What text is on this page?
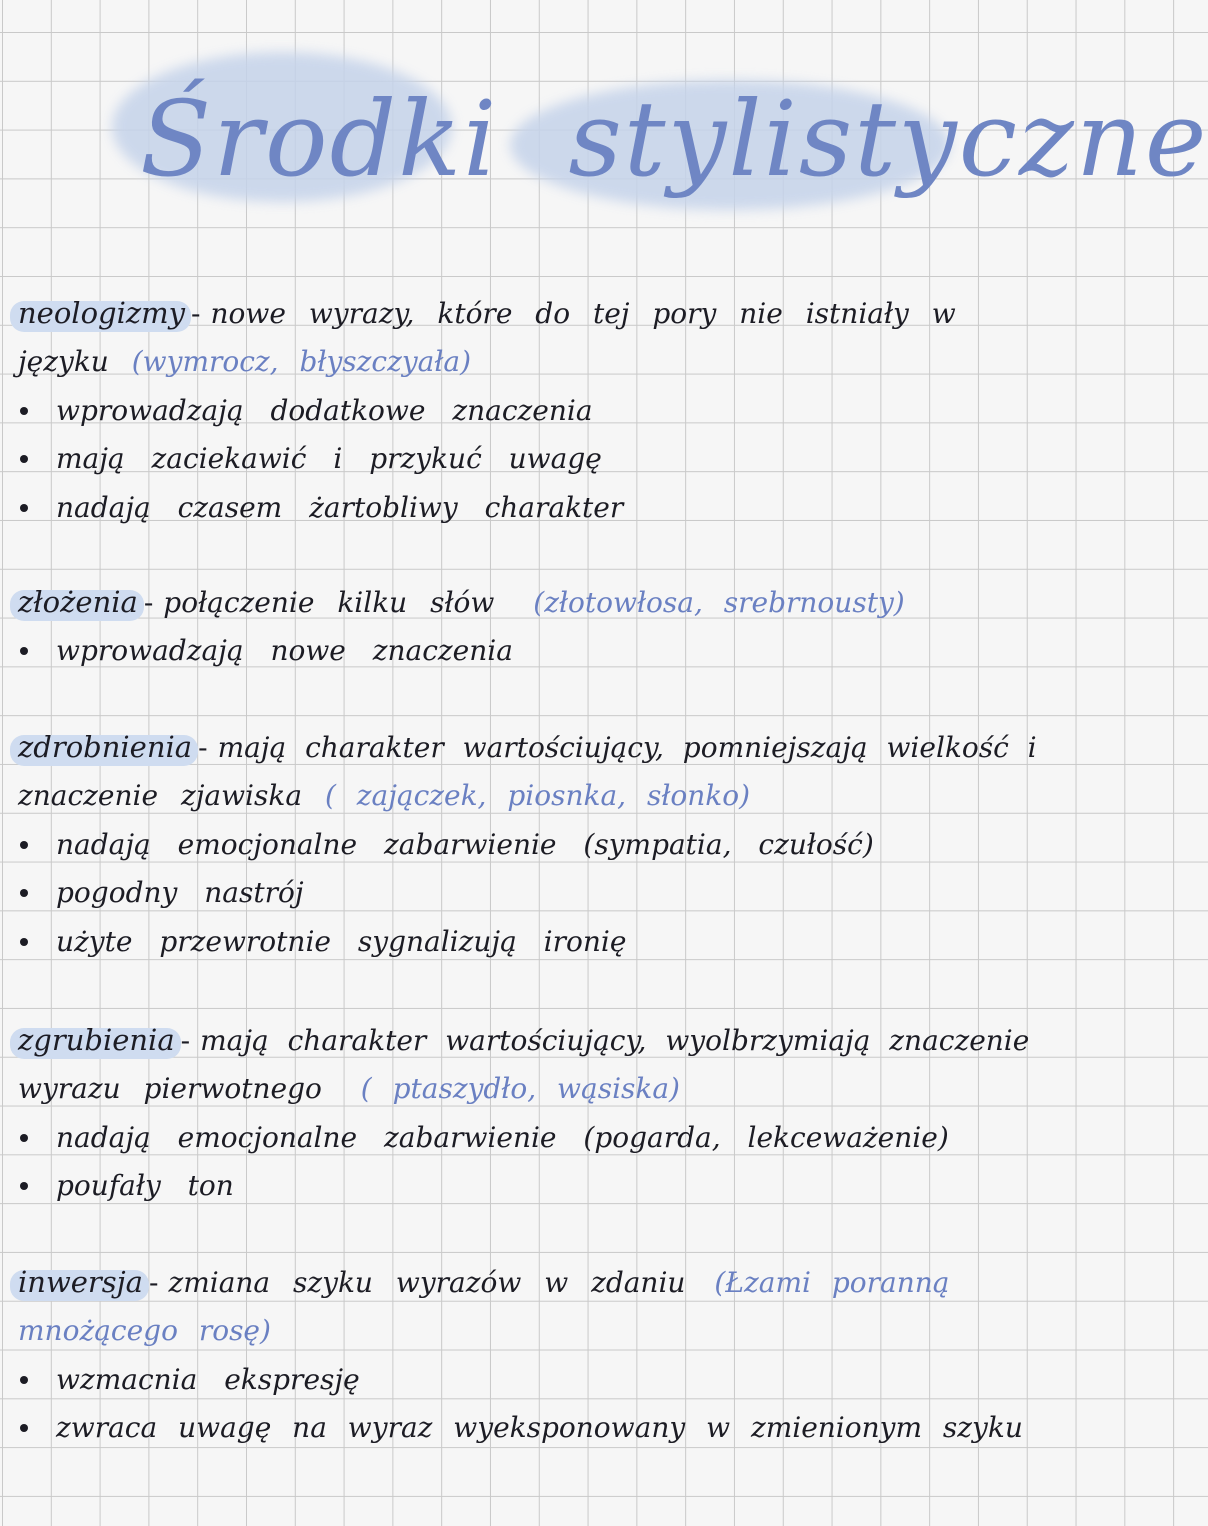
Środki stylistyczne
neologizmy - nowe wyrazy, które do tej pory nie istniały w
języku (wymrocz, błyszczyała)
wprowadzają dodatkowe znaczenia
mają zaciekawić i przykuć uwagę
nadają czasem żartobliwy charakter
złożenia - połączenie kilku słów (złotowłosa, srebrnousty)
wprowadzają nowe znaczenia
zdrobnienia - mają charakter wartościujący, pomniejszają wielkość i
znaczenie zjawiska ( zajączek, piosnka, słonko)
nadają emocjonalne zabarwienie (sympatia, czułość)
pogodny nastrój
użyte przewrotnie sygnalizują ironię
zgrubienia - mają charakter wartościujący, wyolbrzymiają znaczenie
wyrazu pierwotnego ( ptaszydło, wąsiska)
nadają emocjonalne zabarwienie (pogarda, lekceważenie)
poufały ton
inwersja - zmiana szyku wyrazów w zdaniu (Łzami poranną
mnożącego rosę)
wzmacnia ekspresję
zwraca uwagę na wyraz wyeksponowany w zmienionym szyku
